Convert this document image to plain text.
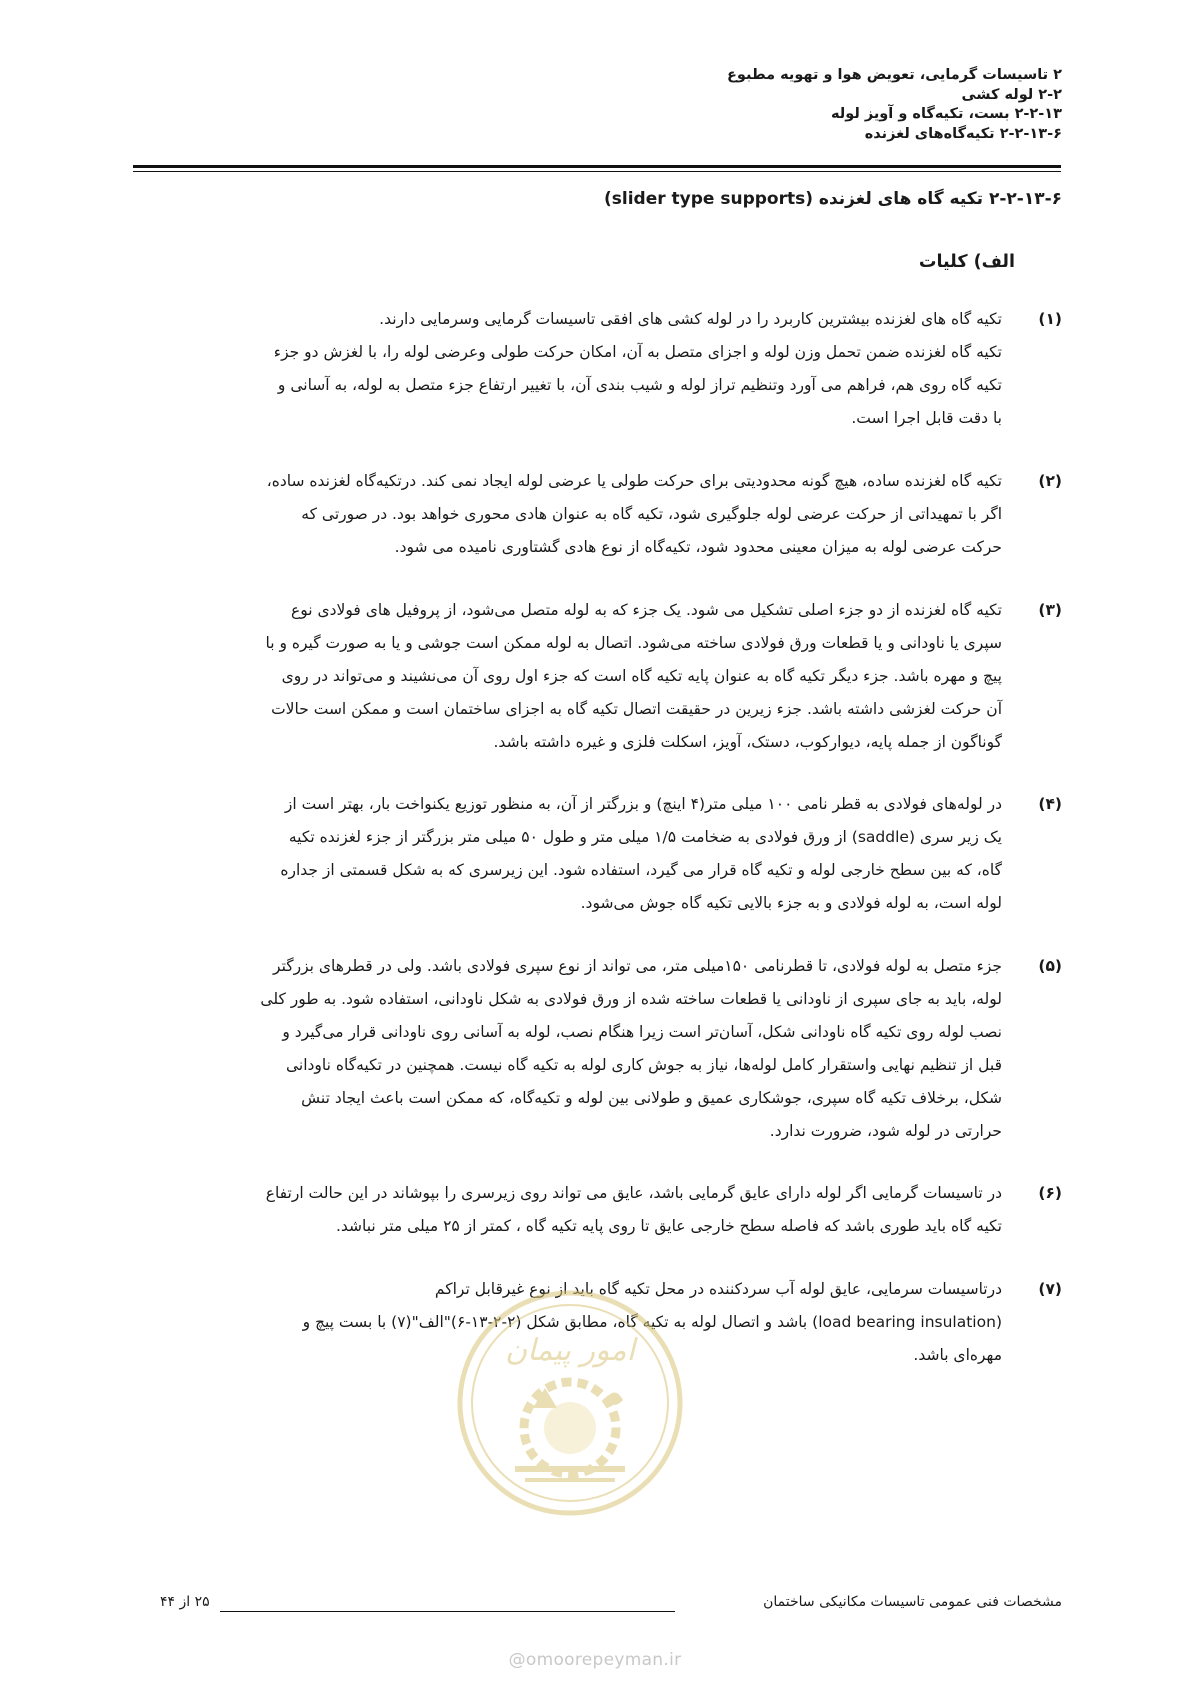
۲ تاسیسات گرمایی، تعویض هوا و تهویه مطبوع
۲-۲ لوله کشی
۲-۲-۱۳ بست، تکیه‌گاه و آویز لوله
۲-۲-۱۳-۶ تکیه‌گاه‌های لغزنده
۲-۲-۱۳-۶ تکیه گاه های لغزنده (slider type supports)
الف) کلیات
(۱)
تکیه گاه های لغزنده بیشترین کاربرد را در لوله کشی های افقی تاسیسات گرمایی وسرمایی دارند.
تکیه گاه لغزنده ضمن تحمل وزن لوله و اجزای متصل به آن، امکان حرکت طولی وعرضی لوله را، با لغزش دو جزء
تکیه گاه روی هم، فراهم می آورد وتنظیم تراز لوله و شیب بندی آن، با تغییر ارتفاع جزء متصل به لوله، به آسانی و
با دقت قابل اجرا است.
(۲)
تکیه گاه لغزنده ساده، هیچ گونه محدودیتی برای حرکت طولی یا عرضی لوله ایجاد نمی کند. درتکیه‌گاه لغزنده ساده،
اگر با تمهیداتی از حرکت عرضی لوله جلوگیری شود، تکیه گاه به عنوان هادی محوری خواهد بود. در صورتی که
حرکت عرضی لوله به میزان معینی محدود شود، تکیه‌گاه از نوع هادی گشتاوری نامیده می شود.
(۳)
تکیه گاه لغزنده از دو جزء اصلی تشکیل می شود. یک جزء که به لوله متصل می‌شود، از پروفیل های فولادی نوع
سپری یا ناودانی و یا قطعات ورق فولادی ساخته می‌شود. اتصال به لوله ممکن است جوشی و یا به صورت گیره و با
پیچ و مهره باشد. جزء دیگر تکیه گاه به عنوان پایه تکیه گاه است که جزء اول روی آن می‌نشیند و می‌تواند در روی
آن حرکت لغزشی داشته باشد. جزء زیرین در حقیقت اتصال تکیه گاه به اجزای ساختمان است و ممکن است حالات
گوناگون از جمله پایه، دیوارکوب، دستک، آویز، اسکلت فلزی و غیره داشته باشد.
(۴)
در لوله‌های فولادی به قطر نامی ۱۰۰ میلی متر(۴ اینچ) و بزرگتر از آن، به منظور توزیع یکنواخت بار، بهتر است از
یک زیر سری (saddle) از ورق فولادی به ضخامت ۱/۵ میلی متر و طول ۵۰ میلی متر بزرگتر از جزء لغزنده تکیه
گاه، که بین سطح خارجی لوله و تکیه گاه قرار می گیرد، استفاده شود. این زیرسری که به شکل قسمتی از جداره
لوله است، به لوله فولادی و به جزء بالایی تکیه گاه جوش می‌شود.
(۵)
جزء متصل به لوله فولادی، تا قطرنامی ۱۵۰میلی متر، می تواند از نوع سپری فولادی باشد. ولی در قطرهای بزرگتر
لوله، باید به جای سپری از ناودانی یا قطعات ساخته شده از ورق فولادی به شکل ناودانی، استفاده شود. به طور کلی
نصب لوله روی تکیه گاه ناودانی شکل، آسان‌تر است زیرا هنگام نصب، لوله به آسانی روی ناودانی قرار می‌گیرد و
قبل از تنظیم نهایی واستقرار کامل لوله‌ها، نیاز به جوش کاری لوله به تکیه گاه نیست. همچنین در تکیه‌گاه ناودانی
شکل، برخلاف تکیه گاه سپری، جوشکاری عمیق و طولانی بین لوله و تکیه‌گاه، که ممکن است باعث ایجاد تنش
حرارتی در لوله شود، ضرورت ندارد.
(۶)
در تاسیسات گرمایی اگر لوله دارای عایق گرمایی باشد، عایق می تواند روی زیرسری را بپوشاند در این حالت ارتفاع
تکیه گاه باید طوری باشد که فاصله سطح خارجی عایق تا روی پایه تکیه گاه ، کمتر از ۲۵ میلی متر نباشد.
(۷)
درتاسیسات سرمایی، عایق لوله آب سردکننده در محل تکیه گاه باید از نوع غیرقابل تراکم
(load bearing insulation) باشد و اتصال لوله به تکیه گاه، مطابق شکل (۲-۲-۱۳-۶)"الف"(۷) با بست پیچ و
مهره‌ای باشد.
امور پیمان
مشخصات فنی عمومی تاسیسات مکانیکی ساختمان
۲۵ از ۴۴
@omoorepeyman.ir
